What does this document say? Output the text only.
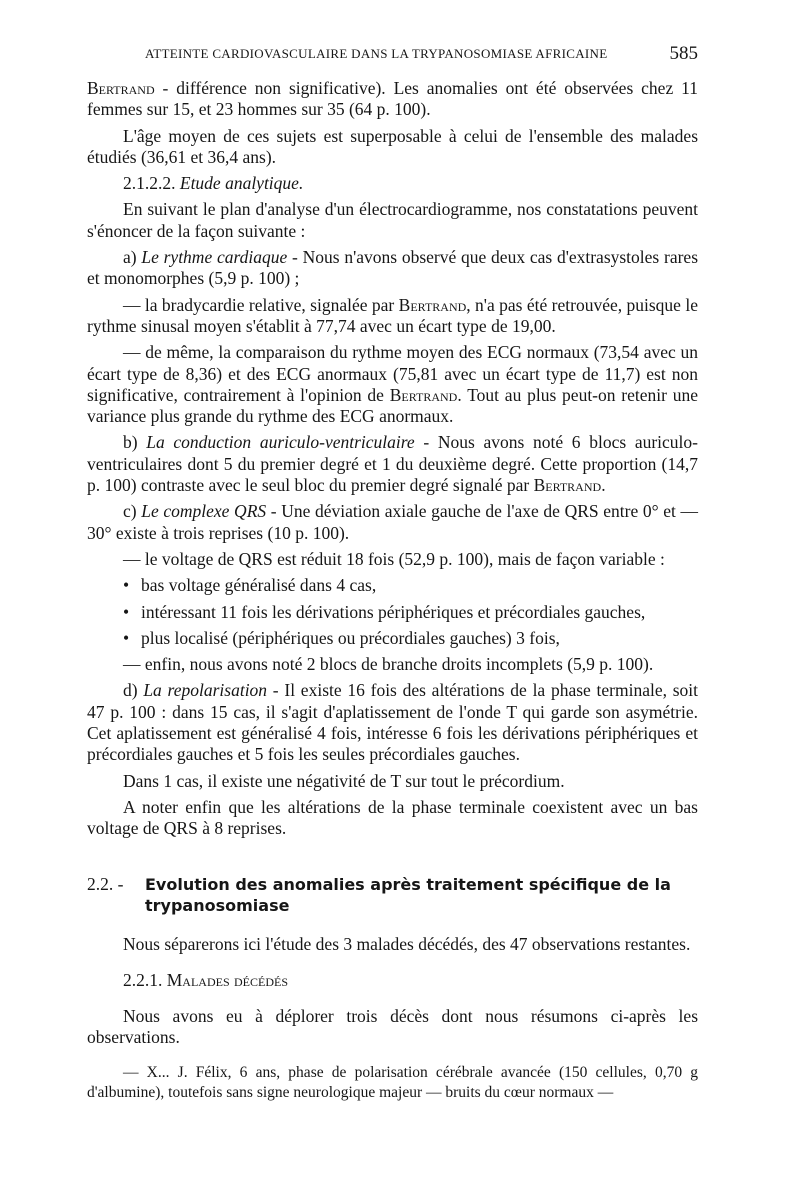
ATTEINTE CARDIOVASCULAIRE DANS LA TRYPANOSOMIASE AFRICAINE	585

Bertrand - différence non significative). Les anomalies ont été observées chez 11 femmes sur 15, et 23 hommes sur 35 (64 p. 100).

L'âge moyen de ces sujets est superposable à celui de l'ensemble des malades étudiés (36,61 et 36,4 ans).

2.1.2.2. Etude analytique.

En suivant le plan d'analyse d'un électrocardiogramme, nos constatations peuvent s'énoncer de la façon suivante :

a) Le rythme cardiaque - Nous n'avons observé que deux cas d'extrasystoles rares et monomorphes (5,9 p. 100) ;

— la bradycardie relative, signalée par Bertrand, n'a pas été retrouvée, puisque le rythme sinusal moyen s'établit à 77,74 avec un écart type de 19,00.

— de même, la comparaison du rythme moyen des ECG normaux (73,54 avec un écart type de 8,36) et des ECG anormaux (75,81 avec un écart type de 11,7) est non significative, contrairement à l'opinion de Bertrand. Tout au plus peut-on retenir une variance plus grande du rythme des ECG anormaux.

b) La conduction auriculo-ventriculaire - Nous avons noté 6 blocs auriculoventriculaires dont 5 du premier degré et 1 du deuxième degré. Cette proportion (14,7 p. 100) contraste avec le seul bloc du premier degré signalé par Bertrand.

c) Le complexe QRS - Une déviation axiale gauche de l'axe de QRS entre 0° et —30° existe à trois reprises (10 p. 100).

— le voltage de QRS est réduit 18 fois (52,9 p. 100), mais de façon variable :

• bas voltage généralisé dans 4 cas,

• intéressant 11 fois les dérivations périphériques et précordiales gauches,

• plus localisé (périphériques ou précordiales gauches) 3 fois,

— enfin, nous avons noté 2 blocs de branche droits incomplets (5,9 p. 100).

d) La repolarisation - Il existe 16 fois des altérations de la phase terminale, soit 47 p. 100 : dans 15 cas, il s'agit d'aplatissement de l'onde T qui garde son asymétrie. Cet aplatissement est généralisé 4 fois, intéresse 6 fois les dérivations périphériques et précordiales gauches et 5 fois les seules précordiales gauches.

Dans 1 cas, il existe une négativité de T sur tout le précordium.

A noter enfin que les altérations de la phase terminale coexistent avec un bas voltage de QRS à 8 reprises.

2.2. -	Evolution des anomalies après traitement spécifique de la trypanosomiase

Nous séparerons ici l'étude des 3 malades décédés, des 47 observations restantes.

2.2.1. Malades décédés

Nous avons eu à déplorer trois décès dont nous résumons ci-après les observations.

— X... J. Félix, 6 ans, phase de polarisation cérébrale avancée (150 cellules, 0,70 g d'albumine), toutefois sans signe neurologique majeur — bruits du cœur normaux —
